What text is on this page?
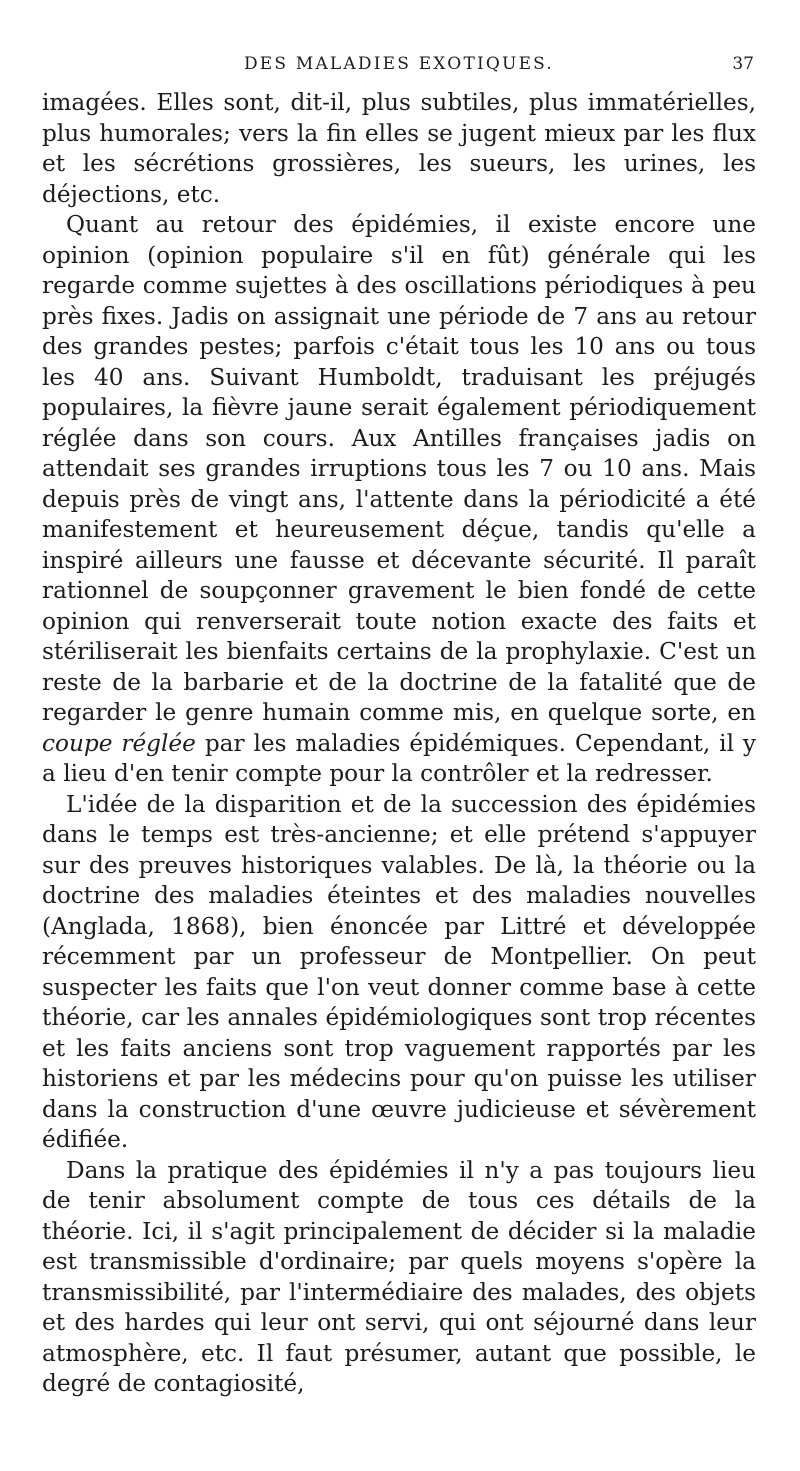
DES MALADIES EXOTIQUES.	37

imagées. Elles sont, dit-il, plus subtiles, plus immatérielles, plus humorales; vers la fin elles se jugent mieux par les flux et les sécrétions grossières, les sueurs, les urines, les déjections, etc.

Quant au retour des épidémies, il existe encore une opinion (opinion populaire s'il en fût) générale qui les regarde comme sujettes à des oscillations périodiques à peu près fixes. Jadis on assignait une période de 7 ans au retour des grandes pestes; parfois c'était tous les 10 ans ou tous les 40 ans. Suivant Humboldt, traduisant les préjugés populaires, la fièvre jaune serait également périodiquement réglée dans son cours. Aux Antilles françaises jadis on attendait ses grandes irruptions tous les 7 ou 10 ans. Mais depuis près de vingt ans, l'attente dans la périodicité a été manifestement et heureusement déçue, tandis qu'elle a inspiré ailleurs une fausse et décevante sécurité. Il paraît rationnel de soupçonner gravement le bien fondé de cette opinion qui renverserait toute notion exacte des faits et stériliserait les bienfaits certains de la prophylaxie. C'est un reste de la barbarie et de la doctrine de la fatalité que de regarder le genre humain comme mis, en quelque sorte, en coupe réglée par les maladies épidémiques. Cependant, il y a lieu d'en tenir compte pour la contrôler et la redresser.

L'idée de la disparition et de la succession des épidémies dans le temps est très-ancienne; et elle prétend s'appuyer sur des preuves historiques valables. De là, la théorie ou la doctrine des maladies éteintes et des maladies nouvelles (Anglada, 1868), bien énoncée par Littré et développée récemment par un professeur de Montpellier. On peut suspecter les faits que l'on veut donner comme base à cette théorie, car les annales épidémiologiques sont trop récentes et les faits anciens sont trop vaguement rapportés par les historiens et par les médecins pour qu'on puisse les utiliser dans la construction d'une œuvre judicieuse et sévèrement édifiée.

Dans la pratique des épidémies il n'y a pas toujours lieu de tenir absolument compte de tous ces détails de la théorie. Ici, il s'agit principalement de décider si la maladie est transmissible d'ordinaire; par quels moyens s'opère la transmissibilité, par l'intermédiaire des malades, des objets et des hardes qui leur ont servi, qui ont séjourné dans leur atmosphère, etc. Il faut présumer, autant que possible, le degré de contagiosité,
